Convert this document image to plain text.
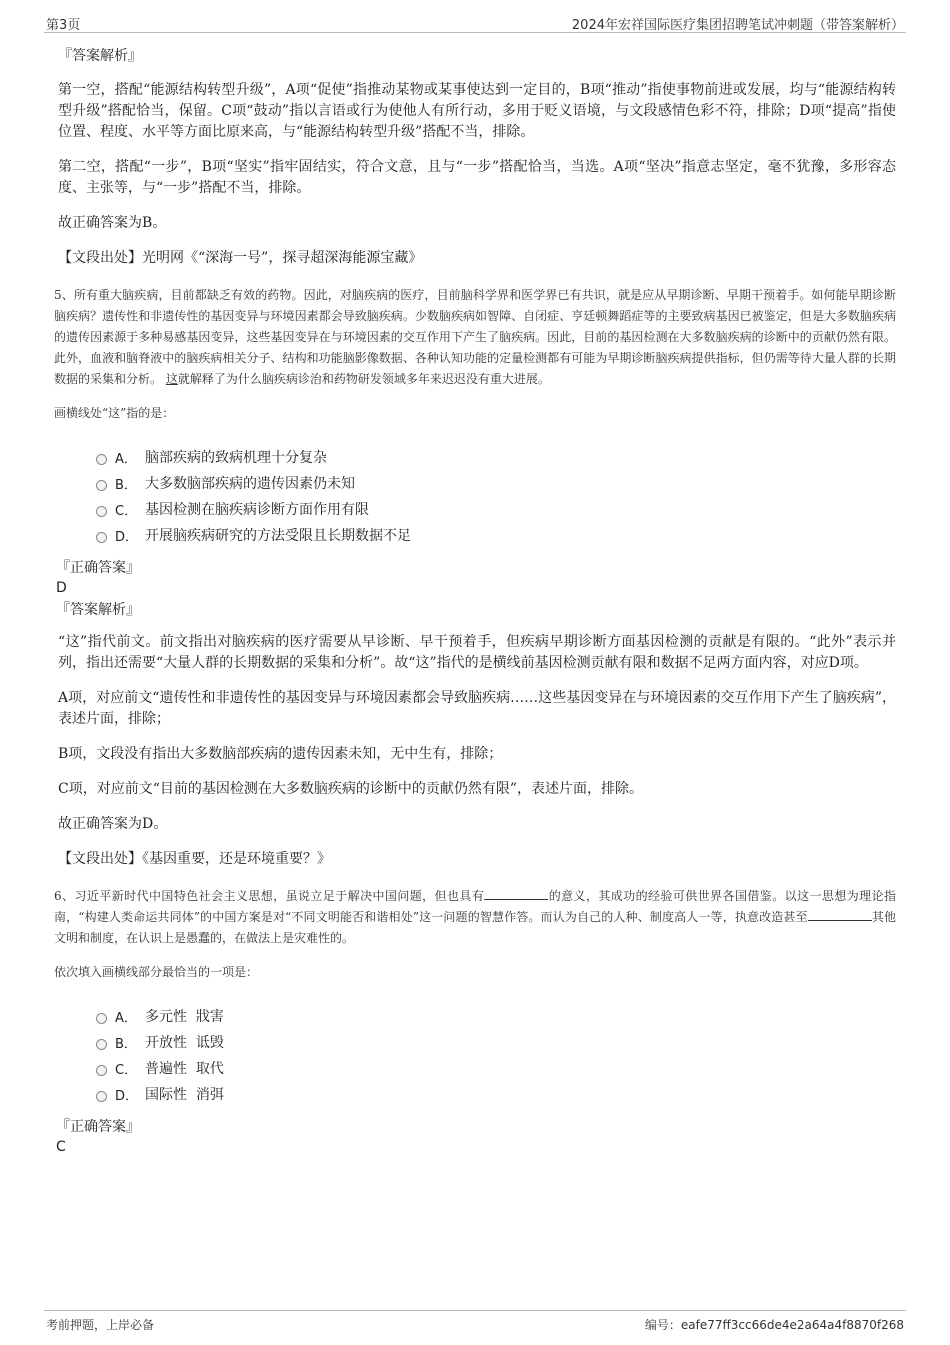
第3页	2024年宏祥国际医疗集团招聘笔试冲刺题（带答案解析）

『答案解析』

第一空，搭配“能源结构转型升级”，A项“促使”指推动某物或某事使达到一定目的，B项“推动”指使事物前进或发展，均与“能源结构转型升级”搭配恰当，保留。C项“鼓动”指以言语或行为使他人有所行动，多用于贬义语境，与文段感情色彩不符，排除；D项“提高”指使位置、程度、水平等方面比原来高，与“能源结构转型升级”搭配不当，排除。

第二空，搭配“一步”，B项“坚实”指牢固结实，符合文意，且与“一步”搭配恰当，当选。A项“坚决”指意志坚定，毫不犹豫，多形容态度、主张等，与“一步”搭配不当，排除。

故正确答案为B。

【文段出处】光明网《“深海一号”，探寻超深海能源宝藏》

5、所有重大脑疾病，目前都缺乏有效的药物。因此，对脑疾病的医疗，目前脑科学界和医学界已有共识，就是应从早期诊断、早期干预着手。如何能早期诊断脑疾病？遗传性和非遗传性的基因变异与环境因素都会导致脑疾病。少数脑疾病如智障、自闭症、亨廷顿舞蹈症等的主要致病基因已被鉴定，但是大多数脑疾病的遗传因素源于多种易感基因变异，这些基因变异在与环境因素的交互作用下产生了脑疾病。因此，目前的基因检测在大多数脑疾病的诊断中的贡献仍然有限。此外，血液和脑脊液中的脑疾病相关分子、结构和功能脑影像数据、各种认知功能的定量检测都有可能为早期诊断脑疾病提供指标，但仍需等待大量人群的长期数据的采集和分析。 这就解释了为什么脑疾病诊治和药物研发领域多年来迟迟没有重大进展。

画横线处“这”指的是：

A． 脑部疾病的致病机理十分复杂
B． 大多数脑部疾病的遗传因素仍未知
C． 基因检测在脑疾病诊断方面作用有限
D． 开展脑疾病研究的方法受限且长期数据不足

『正确答案』

D

『答案解析』

“这”指代前文。前文指出对脑疾病的医疗需要从早诊断、早干预着手，但疾病早期诊断方面基因检测的贡献是有限的。“此外”表示并列，指出还需要“大量人群的长期数据的采集和分析”。故“这”指代的是横线前基因检测贡献有限和数据不足两方面内容，对应D项。

A项，对应前文“遗传性和非遗传性的基因变异与环境因素都会导致脑疾病……这些基因变异在与环境因素的交互作用下产生了脑疾病”，表述片面，排除；

B项，文段没有指出大多数脑部疾病的遗传因素未知，无中生有，排除；

C项，对应前文“目前的基因检测在大多数脑疾病的诊断中的贡献仍然有限”，表述片面，排除。

故正确答案为D。

【文段出处】《基因重要，还是环境重要？》

6、习近平新时代中国特色社会主义思想，虽说立足于解决中国问题，但也具有	的意义，其成功的经验可供世界各国借鉴。以这一思想为理论指南，“构建人类命运共同体”的中国方案是对“不同文明能否和谐相处”这一问题的智慧作答。而认为自己的人种、制度高人一等，执意改造甚至	其他文明和制度，在认识上是愚蠢的，在做法上是灾难性的。

依次填入画横线部分最恰当的一项是：

A． 多元性  戕害
B． 开放性  诋毁
C． 普遍性  取代
D． 国际性  消弭

『正确答案』

C

考前押题，上岸必备	编号：eafe77ff3cc66de4e2a64a4f8870f268
